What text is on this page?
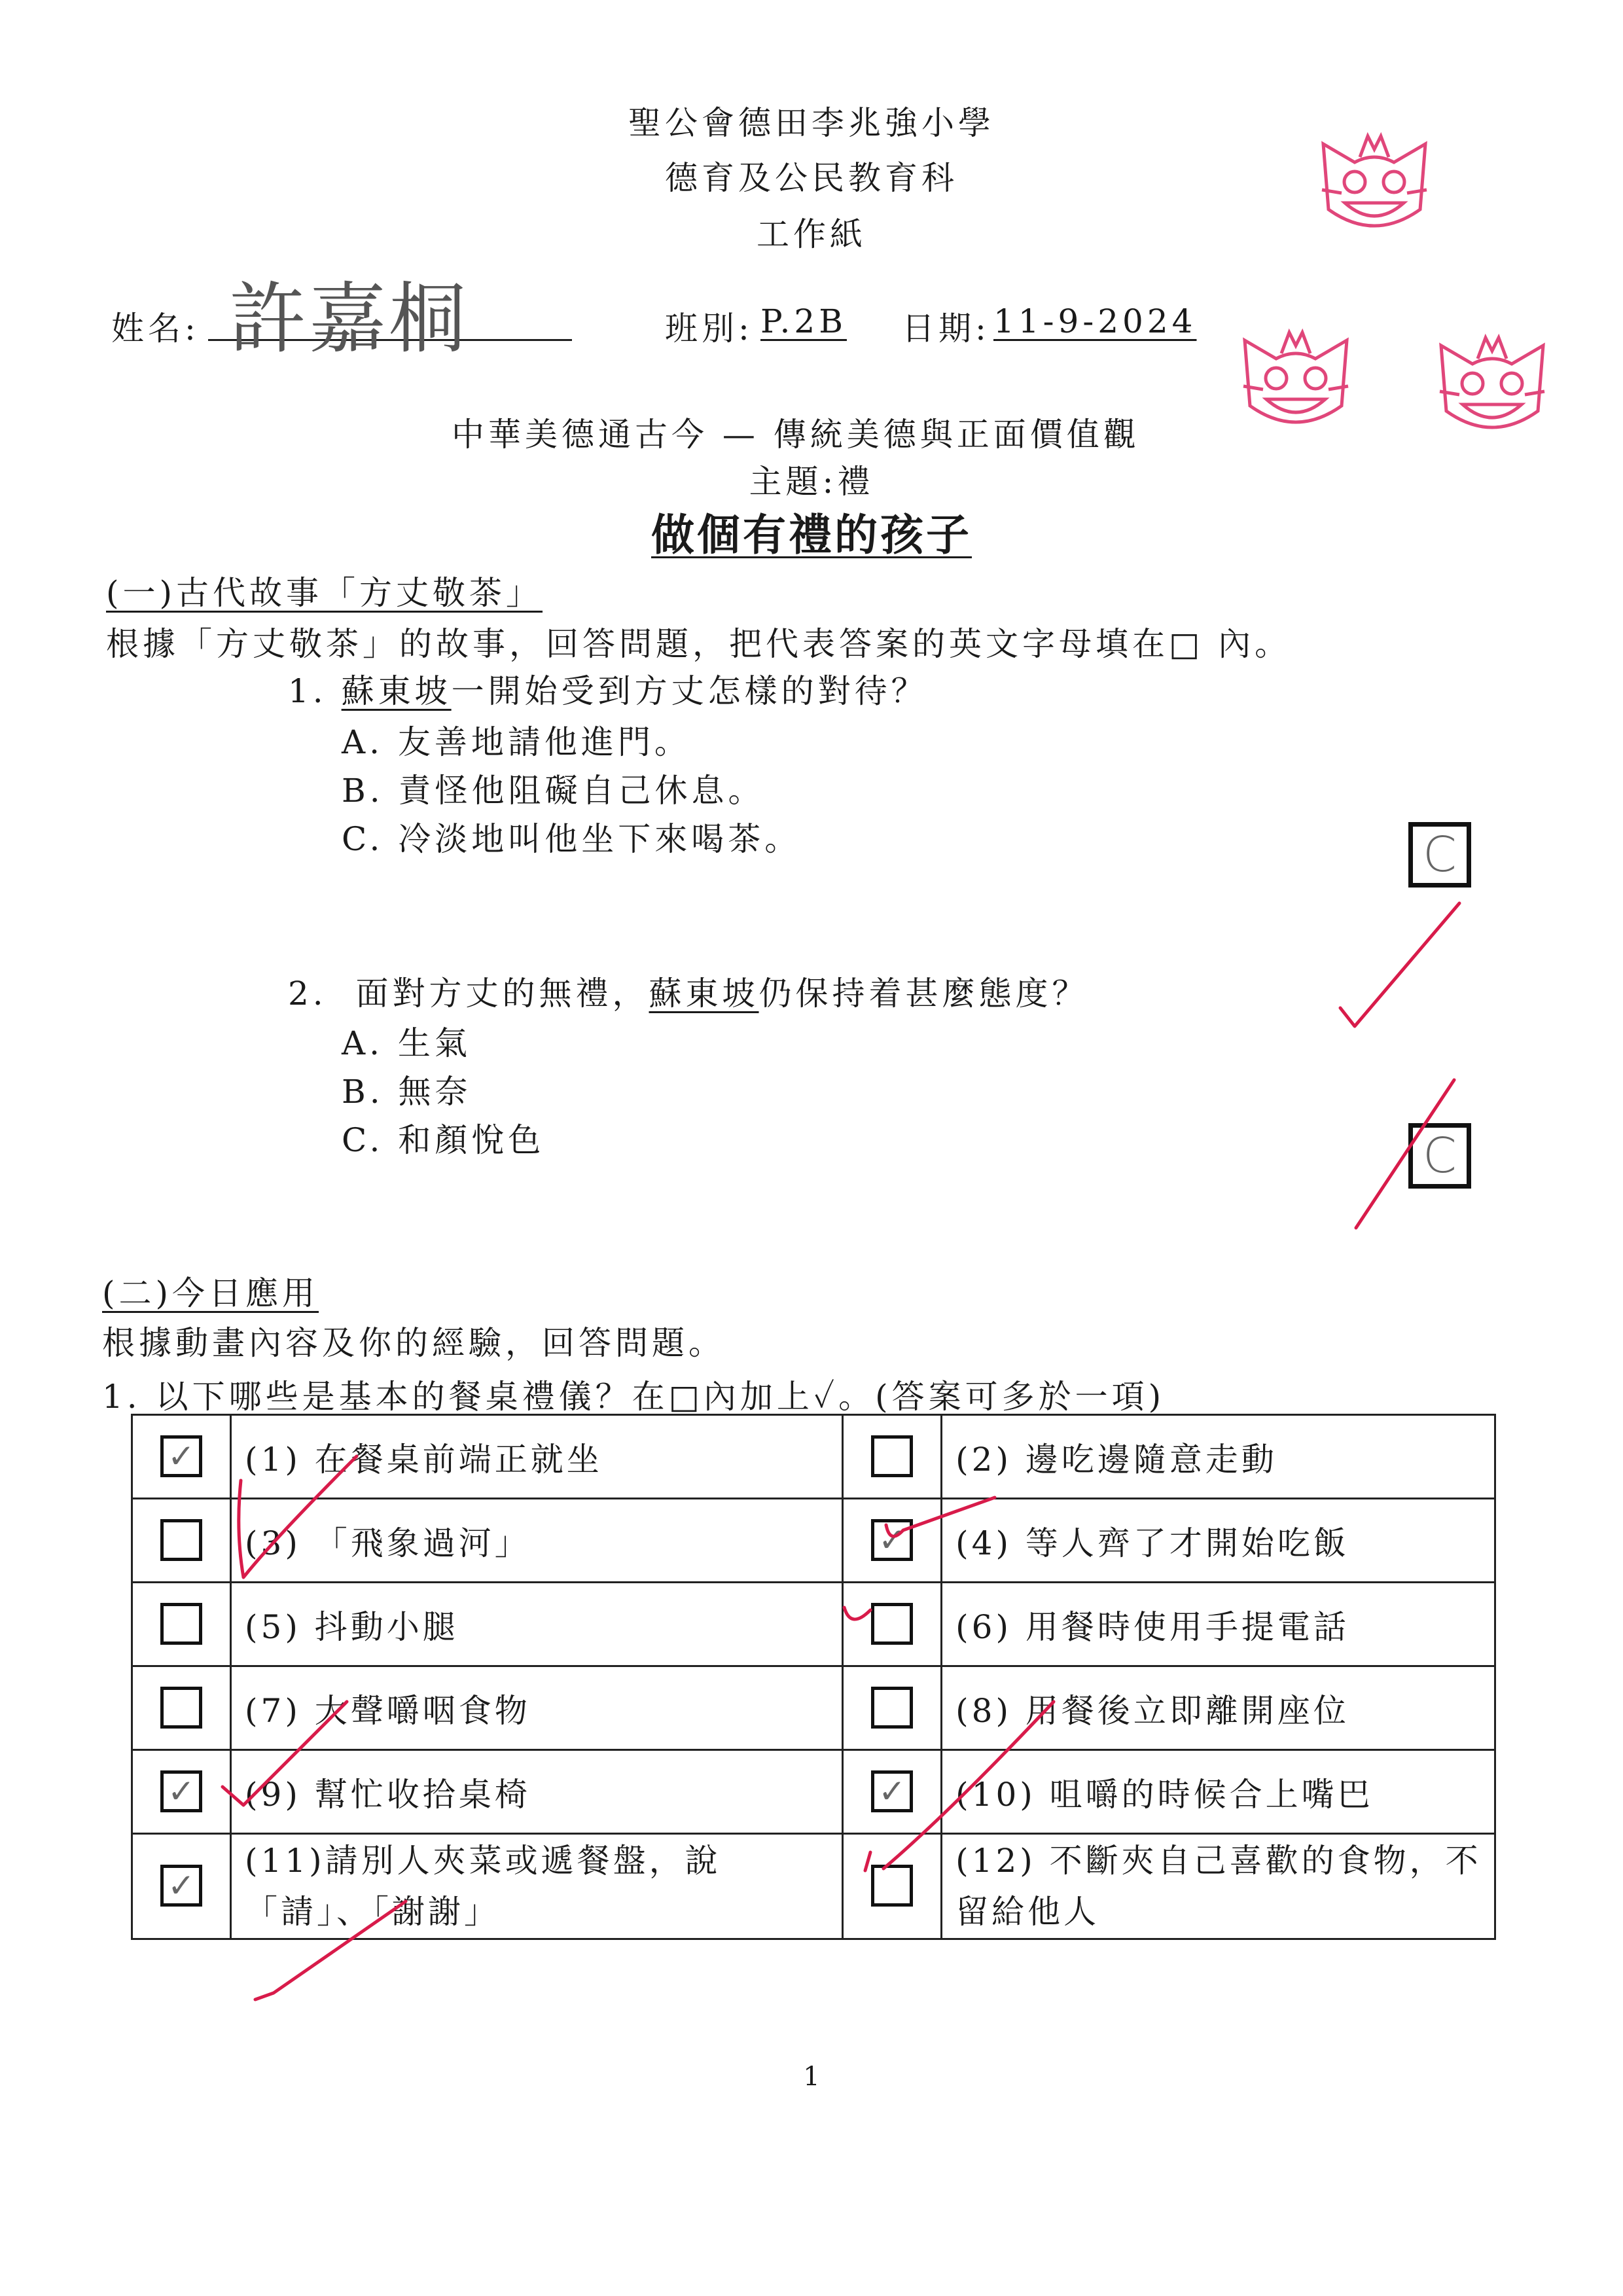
聖公會德田李兆強小學
德育及公民教育科
工作紙
姓名: 許嘉桐	班別: P.2B 日期: 11-9-2024
中華美德通古今 — 傳統美德與正面價值觀
主題:禮
做個有禮的孩子
(一)古代故事「方丈敬茶」
根據「方丈敬茶」的故事，回答問題，把代表答案的英文字母填在□ 內。
1. 蘇東坡一開始受到方丈怎樣的對待？
A. 友善地請他進門。
B. 責怪他阻礙自己休息。
C. 冷淡地叫他坐下來喝茶。	C
2. 面對方丈的無禮，蘇東坡仍保持着甚麼態度？
A. 生氣
B. 無奈
C. 和顏悅色	C
(二)今日應用
根據動畫內容及你的經驗，回答問題。
1. 以下哪些是基本的餐桌禮儀？在□內加上✓。(答案可多於一項)
✓	(1) 在餐桌前端正就坐		(2) 邊吃邊隨意走動

	(3) 「飛象過河」	✓	(4) 等人齊了才開始吃飯

	(5) 抖動小腿		(6) 用餐時使用手提電話

	(7) 大聲嚼咽食物		(8) 用餐後立即離開座位

✓	(9) 幫忙收拾桌椅	✓	(10) 咀嚼的時候合上嘴巴

✓	(11)請別人夾菜或遞餐盤，說「請」、「謝謝」		(12) 不斷夾自己喜歡的食物，不留給他人
1
